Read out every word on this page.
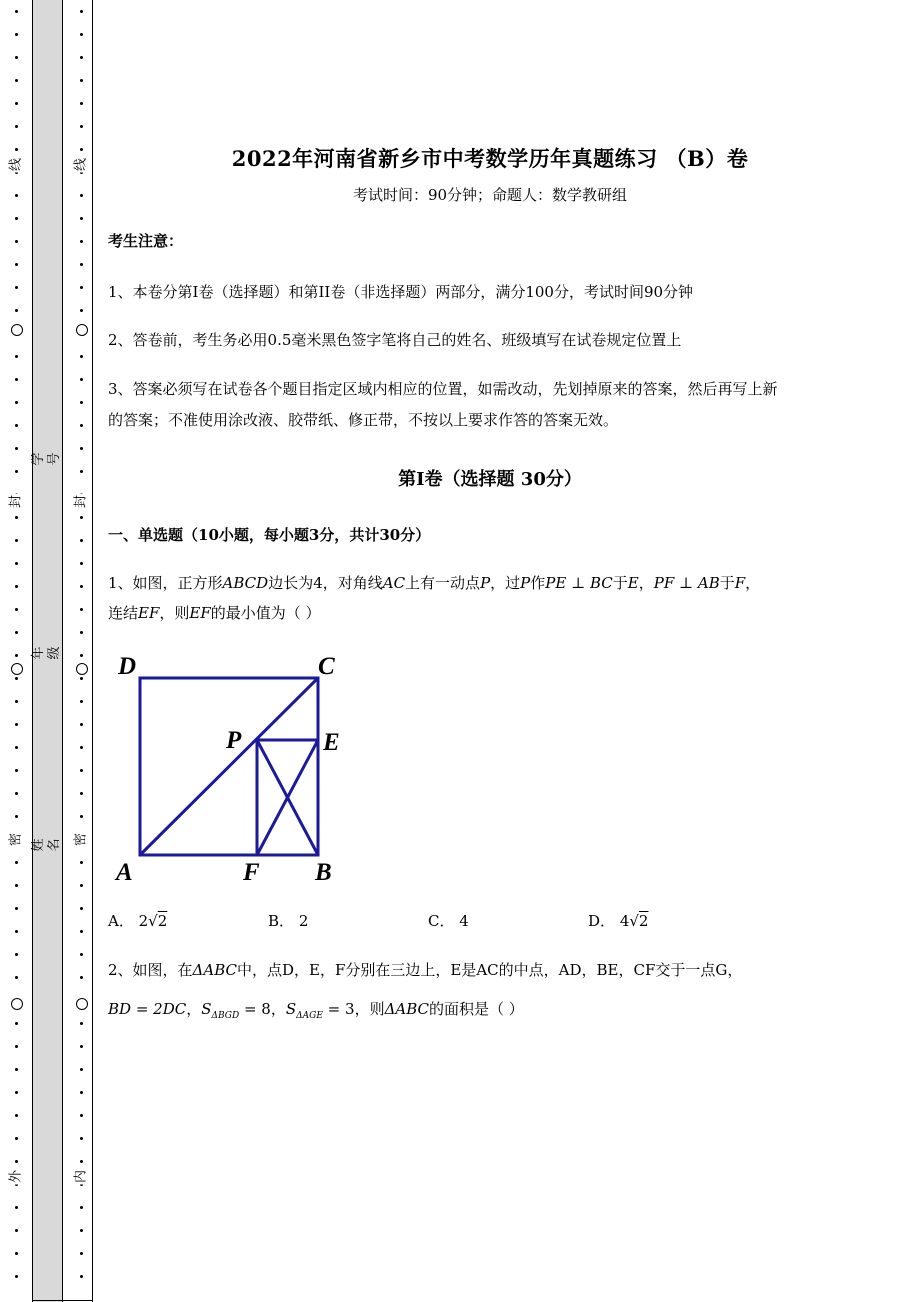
线
封
密
外
学号
年级
姓名
线
封
密
内
2022年河南省新乡市中考数学历年真题练习 （B）卷
考试时间：90分钟；命题人：数学教研组
考生注意：
1、本卷分第I卷（选择题）和第II卷（非选择题）两部分，满分100分，考试时间90分钟
2、答卷前，考生务必用0.5毫米黑色签字笔将自己的姓名、班级填写在试卷规定位置上
3、答案必须写在试卷各个题目指定区域内相应的位置，如需改动，先划掉原来的答案，然后再写上新
的答案；不准使用涂改液、胶带纸、修正带，不按以上要求作答的答案无效。
第I卷（选择题 30分）
一、单选题（10小题，每小题3分，共计30分）
1、如图，正方形ABCD边长为4，对角线AC上有一动点P，过P作PE ⊥ BC于E，PF ⊥ AB于F，
连结EF，则EF的最小值为（ ）
D	C
P	E
A	F B
A． 2√2	B． 2	C． 4	D． 4√2
2、如图，在ΔABC中，点D，E，F分别在三边上，E是AC的中点，AD，BE，CF交于一点G，
BD = 2DC，$S_{\Delta BGD} = 8$，$S_{\Delta AGE} = 3$，则ΔABC的面积是（ ）
